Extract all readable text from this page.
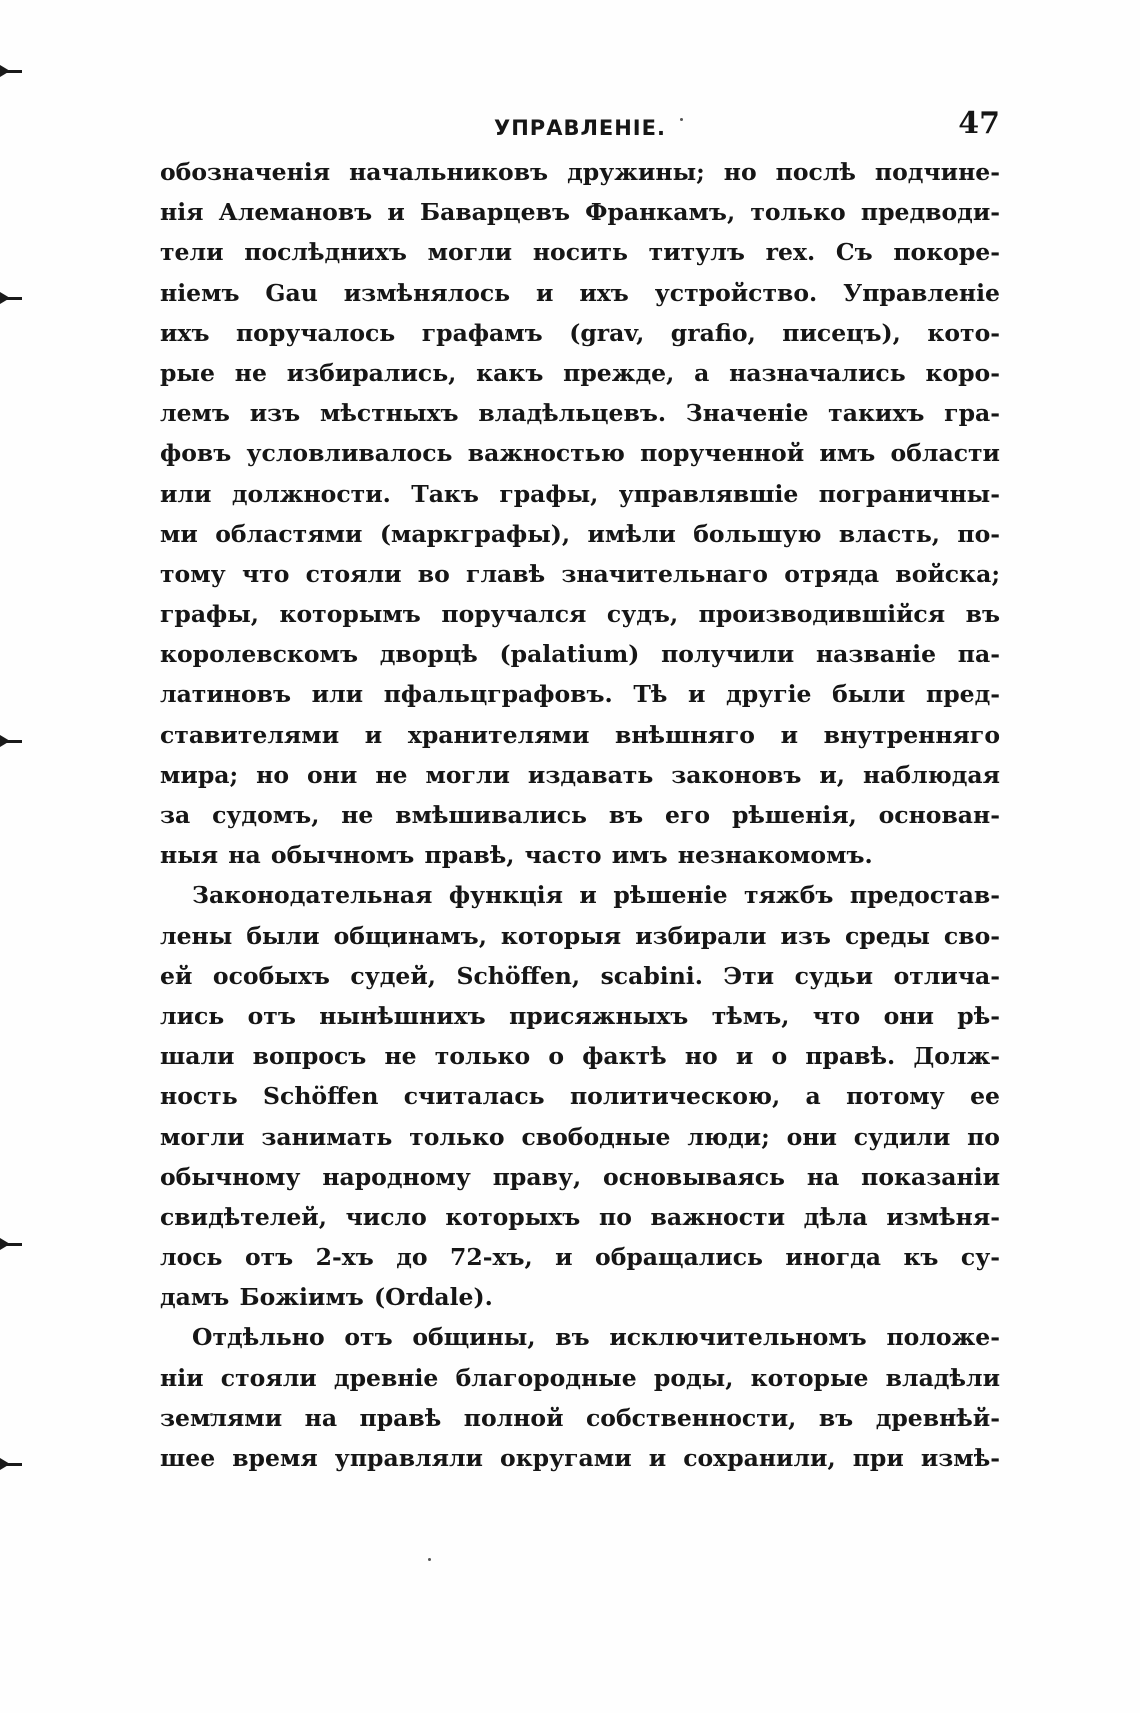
УПРАВЛЕНІЕ.	47
обозначенія начальниковъ дружины; но послѣ подчине-
нія Алемановъ и Баварцевъ Франкамъ, только предводи-
тели послѣднихъ могли носить титулъ rex. Съ покоре-
ніемъ Gau измѣнялось и ихъ устройство. Управленіе
ихъ поручалось графамъ (grav, grafio, писецъ), кото-
рые не избирались, какъ прежде, а назначались коро-
лемъ изъ мѣстныхъ владѣльцевъ. Значеніе такихъ гра-
фовъ условливалось важностью порученной имъ области
или должности. Такъ графы, управлявшіе пограничны-
ми областями (маркграфы), имѣли большую власть, по-
тому что стояли во главѣ значительнаго отряда войска;
графы, которымъ поручался судъ, производившійся въ
королевскомъ дворцѣ (palatium) получили названіе па-
латиновъ или пфальцграфовъ. Тѣ и другіе были пред-
ставителями и хранителями внѣшняго и внутренняго
мира; но они не могли издавать законовъ и, наблюдая
за судомъ, не вмѣшивались въ его рѣшенія, основан-
ныя на обычномъ правѣ, часто имъ незнакомомъ.
Законодательная функція и рѣшеніе тяжбъ предостав-
лены были общинамъ, которыя избирали изъ среды сво-
ей особыхъ судей, Schöffen, scabini. Эти судьи отлича-
лись отъ нынѣшнихъ присяжныхъ тѣмъ, что они рѣ-
шали вопросъ не только о фактѣ но и о правѣ. Долж-
ность Schöffen считалась политическою, а потому ее
могли занимать только свободные люди; они судили по
обычному народному праву, основываясь на показаніи
свидѣтелей, число которыхъ по важности дѣла измѣня-
лось отъ 2-хъ до 72-хъ, и обращались иногда къ су-
дамъ Божіимъ (Ordale).
Отдѣльно отъ общины, въ исключительномъ положе-
ніи стояли древніе благородные роды, которые владѣли
землями на правѣ полной собственности, въ древнѣй-
шее время управляли округами и сохранили, при измѣ-
